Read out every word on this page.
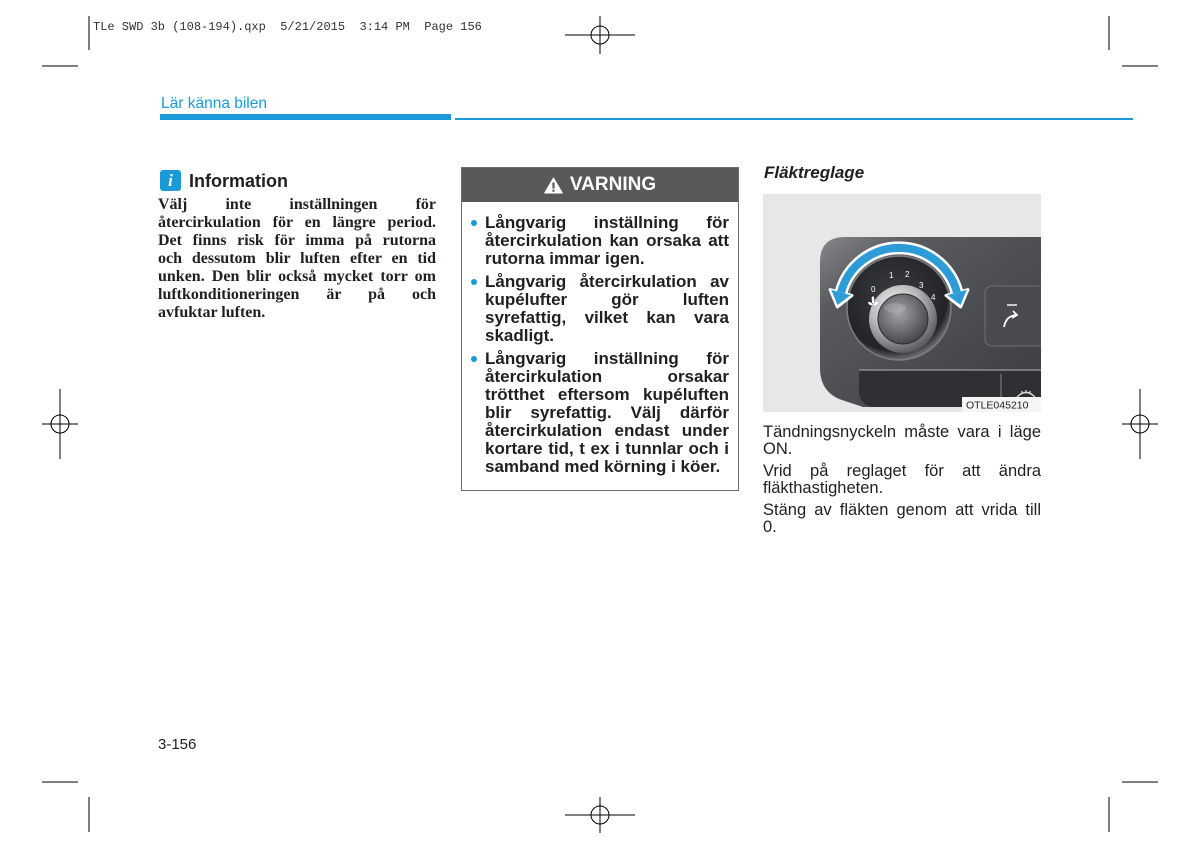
TLe SWD 3b (108-194).qxp  5/21/2015  3:14 PM  Page 156
Lär känna bilen
i Information
Välj inte inställningen för
återcirkulation för en längre period.
Det finns risk för imma på rutorna
och dessutom blir luften efter en tid
unken. Den blir också mycket torr om
luftkonditioneringen är på och
avfuktar luften.
VARNING
Långvarig inställning för
återcirkulation kan orsaka att
rutorna immar igen.
Långvarig återcirkulation av
kupélufter gör luften
syrefattig, vilket kan vara
skadligt.
Långvarig inställning för
återcirkulation orsakar
trötthet eftersom kupéluften
blir syrefattig. Välj därför
återcirkulation endast under
kortare tid, t ex i tunnlar och i
samband med körning i köer.
Fläktreglage
0
1 2
3
4
OTLE045210
Tändningsnyckeln måste vara i läge
ON.
Vrid på reglaget för att ändra
fläkthastigheten.
Stäng av fläkten genom att vrida till
0.
3-156
